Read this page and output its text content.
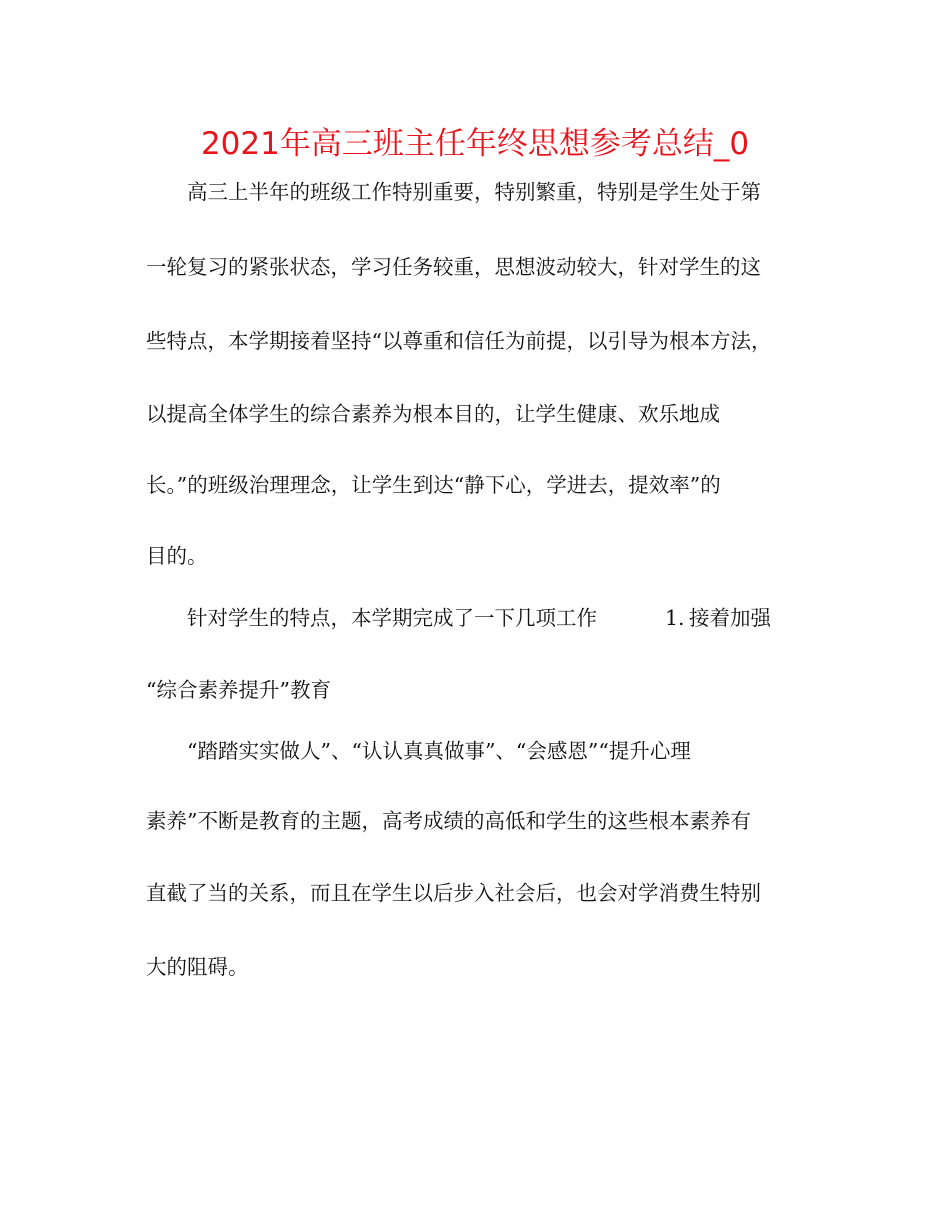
2021年高三班主任年终思想参考总结_0

高三上半年的班级工作特别重要，特别繁重，特别是学生处于第

一轮复习的紧张状态，学习任务较重，思想波动较大，针对学生的这

些特点，本学期接着坚持“以尊重和信任为前提，以引导为根本方法，

以提高全体学生的综合素养为根本目的，让学生健康、欢乐地成

长。”的班级治理理念，让学生到达“静下心，学进去，提效率”的

目的。

针对学生的特点，本学期完成了一下几项工作	1. 接着加强

“综合素养提升”教育

“踏踏实实做人”、“认认真真做事”、“会感恩”“提升心理

素养”不断是教育的主题，高考成绩的高低和学生的这些根本素养有

直截了当的关系，而且在学生以后步入社会后，也会对学消费生特别

大的阻碍。
